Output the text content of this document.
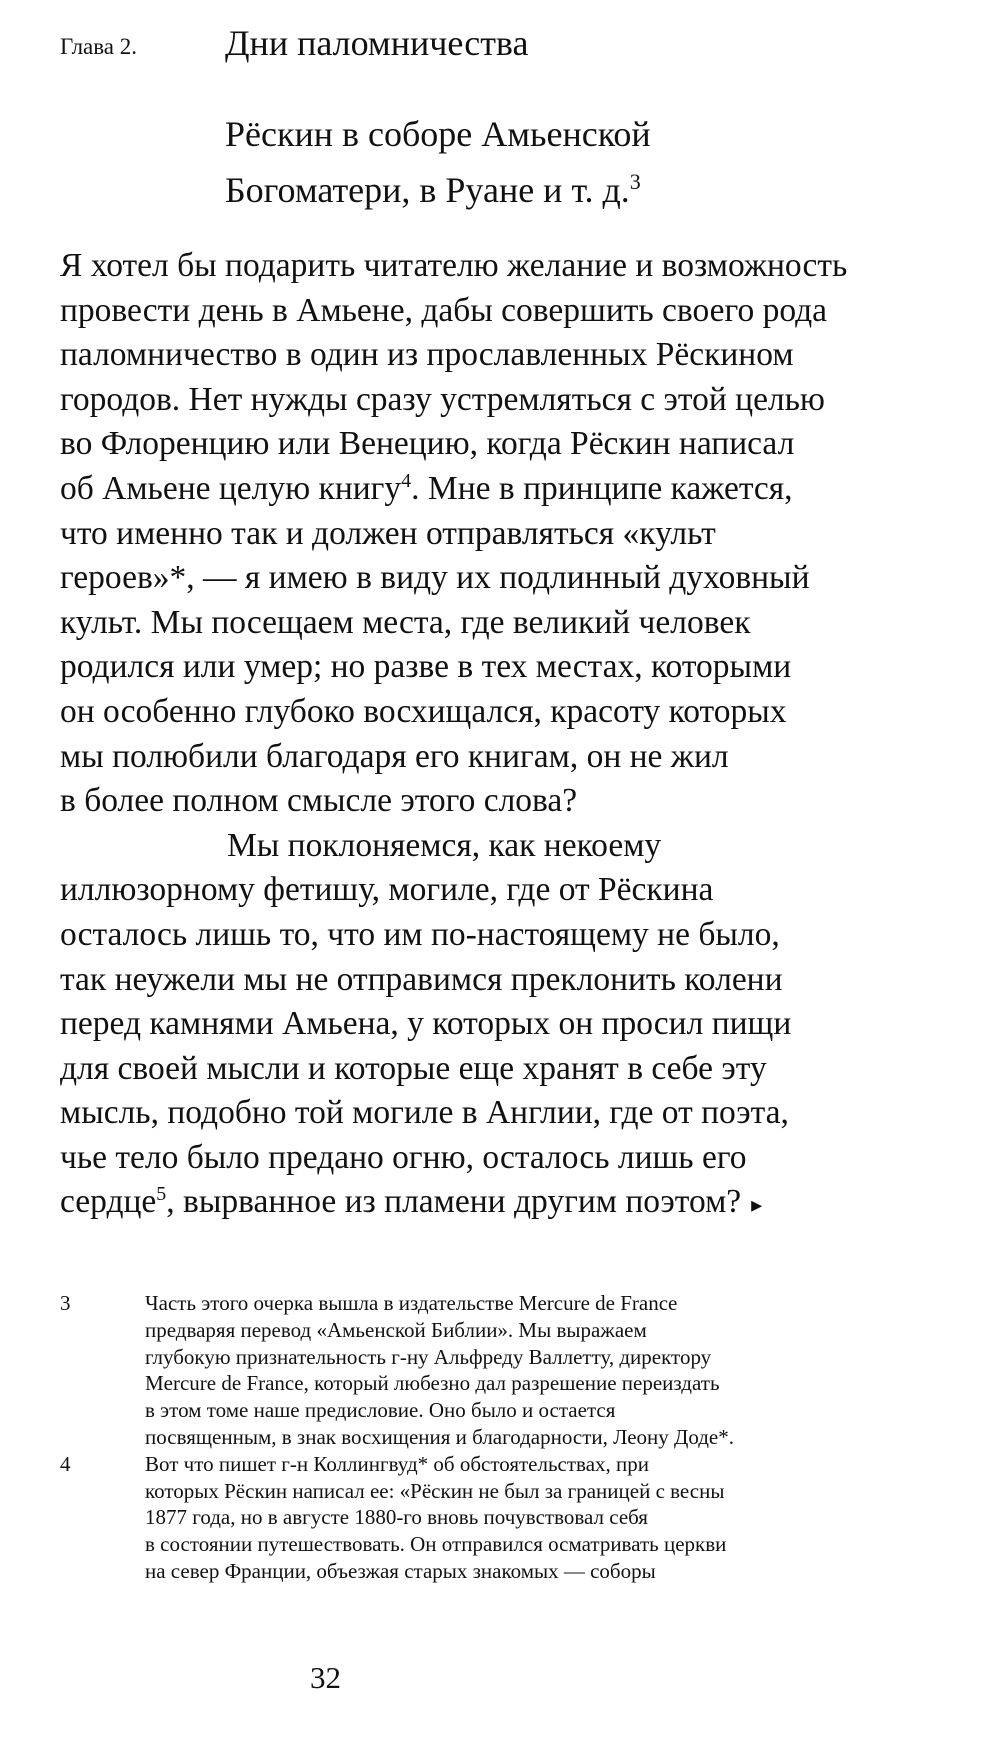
Глава 2. Дни паломничества
Рёскин в соборе Амьенской
Богоматери, в Руане и т. д.$^3$
Я хотел бы подарить читателю желание и возможность
провести день в Амьене, дабы совершить своего рода
паломничество в один из прославленных Рёскином
городов. Нет нужды сразу устремляться с этой целью
во Флоренцию или Венецию, когда Рёскин написал
об Амьене целую книгу$^4$. Мне в принципе кажется,
что именно так и должен отправляться «культ
героев»*, — я имею в виду их подлинный духовный
культ. Мы посещаем места, где великий человек
родился или умер; но разве в тех местах, которыми
он особенно глубоко восхищался, красоту которых
мы полюбили благодаря его книгам, он не жил
в более полном смысле этого слова?
Мы поклоняемся, как некоему
иллюзорному фетишу, могиле, где от Рёскина
осталось лишь то, что им по-настоящему не было,
так неужели мы не отправимся преклонить колени
перед камнями Амьена, у которых он просил пищи
для своей мысли и которые еще хранят в себе эту
мысль, подобно той могиле в Англии, где от поэта,
чье тело было предано огню, осталось лишь его
сердце$^5$, вырванное из пламени другим поэтом? ▸
3	Часть этого очерка вышла в издательстве Mercure de France
предваряя перевод «Амьенской Библии». Мы выражаем
глубокую признательность г-ну Альфреду Валлетту, директору
Mercure de France, который любезно дал разрешение переиздать
в этом томе наше предисловие. Оно было и остается
посвященным, в знак восхищения и благодарности, Леону Доде*.
4	Вот что пишет г-н Коллингвуд* об обстоятельствах, при
которых Рёскин написал ее: «Рёскин не был за границей с весны
1877 года, но в августе 1880-го вновь почувствовал себя
в состоянии путешествовать. Он отправился осматривать церкви
на север Франции, объезжая старых знакомых — соборы
32
